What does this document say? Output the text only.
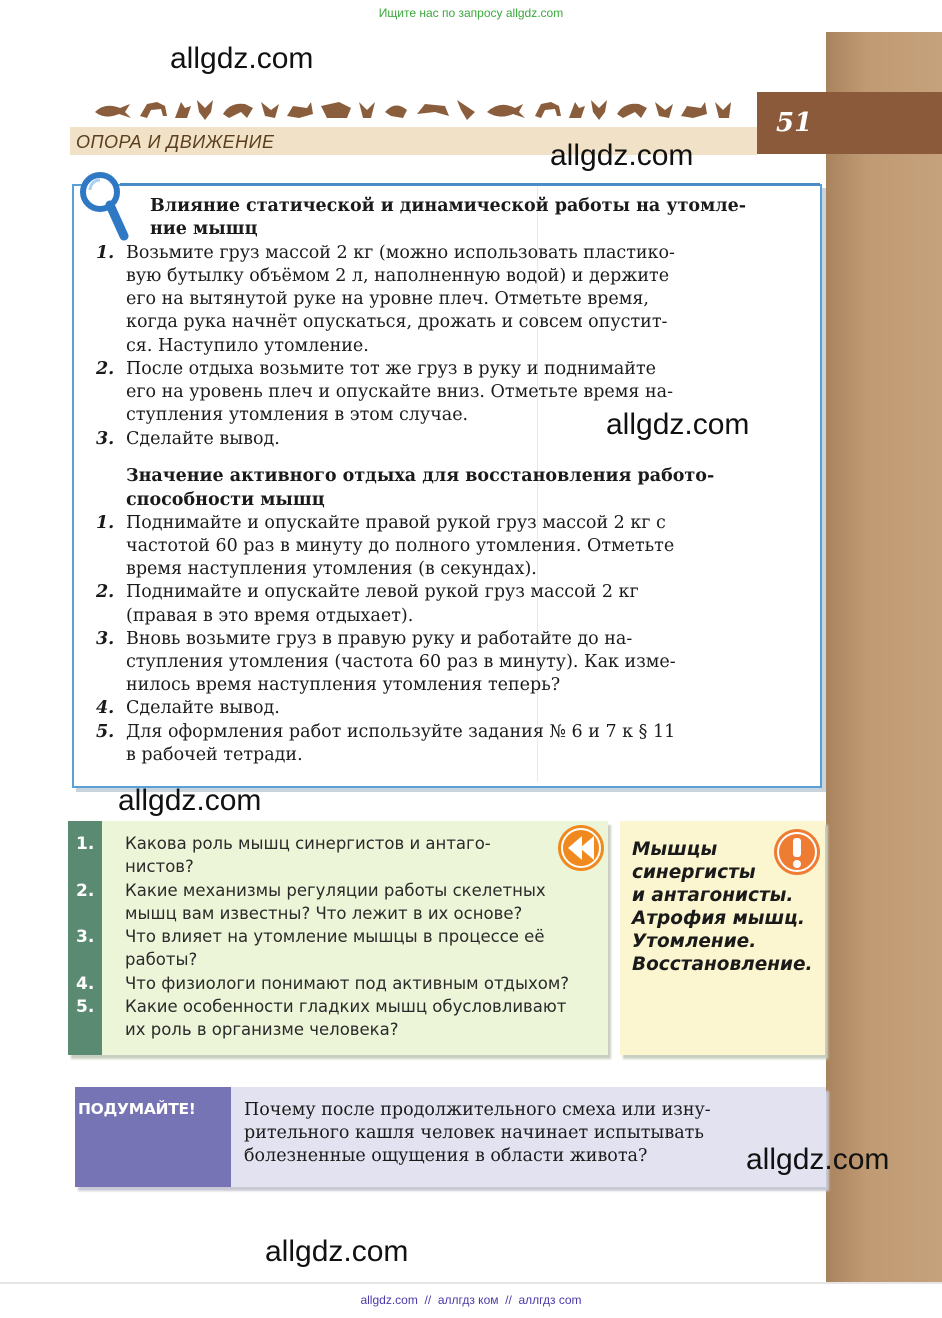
Ищите нас по запросу allgdz.com
51
ОПОРА И ДВИЖЕНИЕ
allgdz.com
allgdz.com
Влияние статической и динамической работы на утомле-
ние мышц
1. Возьмите груз массой 2 кг (можно использовать пластико-
вую бутылку объёмом 2 л, наполненную водой) и держите
его на вытянутой руке на уровне плеч. Отметьте время,
когда рука начнёт опускаться, дрожать и совсем опустит-
ся. Наступило утомление.
2. После отдыха возьмите тот же груз в руку и поднимайте
его на уровень плеч и опускайте вниз. Отметьте время на-
ступления утомления в этом случае.
3. Сделайте вывод.	allgdz.com
Значение активного отдыха для восстановления работо-
способности мышц
1. Поднимайте и опускайте правой рукой груз массой 2 кг с
частотой 60 раз в минуту до полного утомления. Отметьте
время наступления утомления (в секундах).
2. Поднимайте и опускайте левой рукой груз массой 2 кг
(правая в это время отдыхает).
3. Вновь возьмите груз в правую руку и работайте до на-
ступления утомления (частота 60 раз в минуту). Как изме-
нилось время наступления утомления теперь?
4. Сделайте вывод.
5. Для оформления работ используйте задания № 6 и 7 к § 11
в рабочей тетради.
allgdz.com
1. Какова роль мышц синергистов и антаго-
нистов?
2. Какие механизмы регуляции работы скелетных
мышц вам известны? Что лежит в их основе?
3. Что влияет на утомление мышцы в процессе её
работы?
4. Что физиологи понимают под активным отдыхом?
5. Какие особенности гладких мышц обусловливают
их роль в организме человека?
Мышцы
синергисты
и антагонисты.
Атрофия мышц.
Утомление.
Восстановление.
ПОДУМАЙТЕ!	Почему после продолжительного смеха или изну-
рительного кашля человек начинает испытывать
болезненные ощущения в области живота?	allgdz.com
allgdz.com
allgdz.com  //  аллгдз ком  //  аллгдз com
